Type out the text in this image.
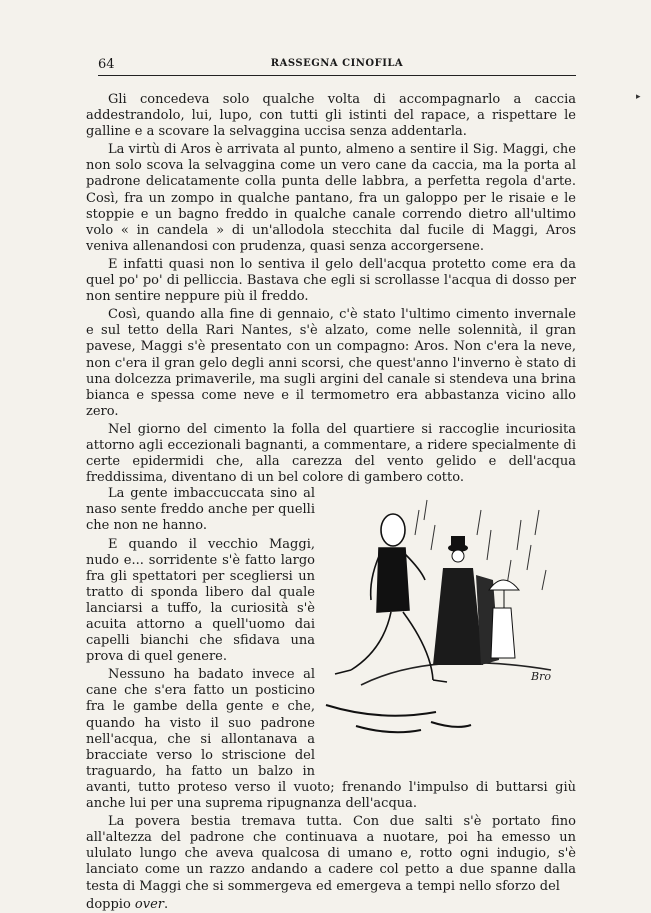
64	RASSEGNA CINOFILA
▸

Gli concedeva solo qualche volta di accompagnarlo a caccia addestrandolo, lui, lupo, con tutti gli istinti del rapace, a rispettare le galline e a scovare la selvaggina uccisa senza addentarla.

La virtù di Aros è arrivata al punto, almeno a sentire il Sig. Maggi, che non solo scova la selvaggina come un vero cane da caccia, ma la porta al padrone delicatamente colla punta delle labbra, a perfetta regola d'arte. Così, fra un zompo in qualche pantano, fra un galoppo per le risaie e le stoppie e un bagno freddo in qualche canale correndo dietro all'ultimo volo « in candela » di un'allodola stecchita dal fucile di Maggi, Aros veniva allenandosi con prudenza, quasi senza accorgersene.

E infatti quasi non lo sentiva il gelo dell'acqua protetto come era da quel po' po' di pelliccia. Bastava che egli si scrollasse l'acqua di dosso per non sentire neppure più il freddo.

Così, quando alla fine di gennaio, c'è stato l'ultimo cimento invernale e sul tetto della Rari Nantes, s'è alzato, come nelle solennità, il gran pavese, Maggi s'è presentato con un compagno: Aros. Non c'era la neve, non c'era il gran gelo degli anni scorsi, che quest'anno l'inverno è stato di una dolcezza primaverile, ma sugli argini del canale si stendeva una brina bianca e spessa come neve e il termometro era abbastanza vicino allo zero.

Nel giorno del cimento la folla del quartiere si raccoglie incuriosita attorno agli eccezionali bagnanti, a commentare, a ridere specialmente di certe epidermidi che, alla carezza del vento gelido e dell'acqua freddissima, diventano di un bel colore di gambero cotto.

Bro

La gente imbaccuccata sino al naso sente freddo anche per quelli che non ne hanno.

E quando il vecchio Maggi, nudo e... sorridente s'è fatto largo fra gli spettatori per scegliersi un tratto di sponda libero dal quale lanciarsi a tuffo, la curiosità s'è acuita attorno a quell'uomo dai capelli bianchi che sfidava una prova di quel genere.

Nessuno ha badato invece al cane che s'era fatto un posticino fra le gambe della gente e che, quando ha visto il suo padrone nell'acqua, che si allontanava a bracciate verso lo striscione del traguardo, ha fatto un balzo in avanti, tutto proteso verso il vuoto; frenando l'impulso di buttarsi giù anche lui per una suprema ripugnanza dell'acqua.

La povera bestia tremava tutta. Con due salti s'è portato fino all'altezza del padrone che continuava a nuotare, poi ha emesso un ululato lungo che aveva qualcosa di umano e, rotto ogni indugio, s'è lanciato come un razzo andando a cadere col petto a due spanne dalla testa di Maggi che si sommergeva ed emergeva a tempi nello sforzo del

doppio over.
